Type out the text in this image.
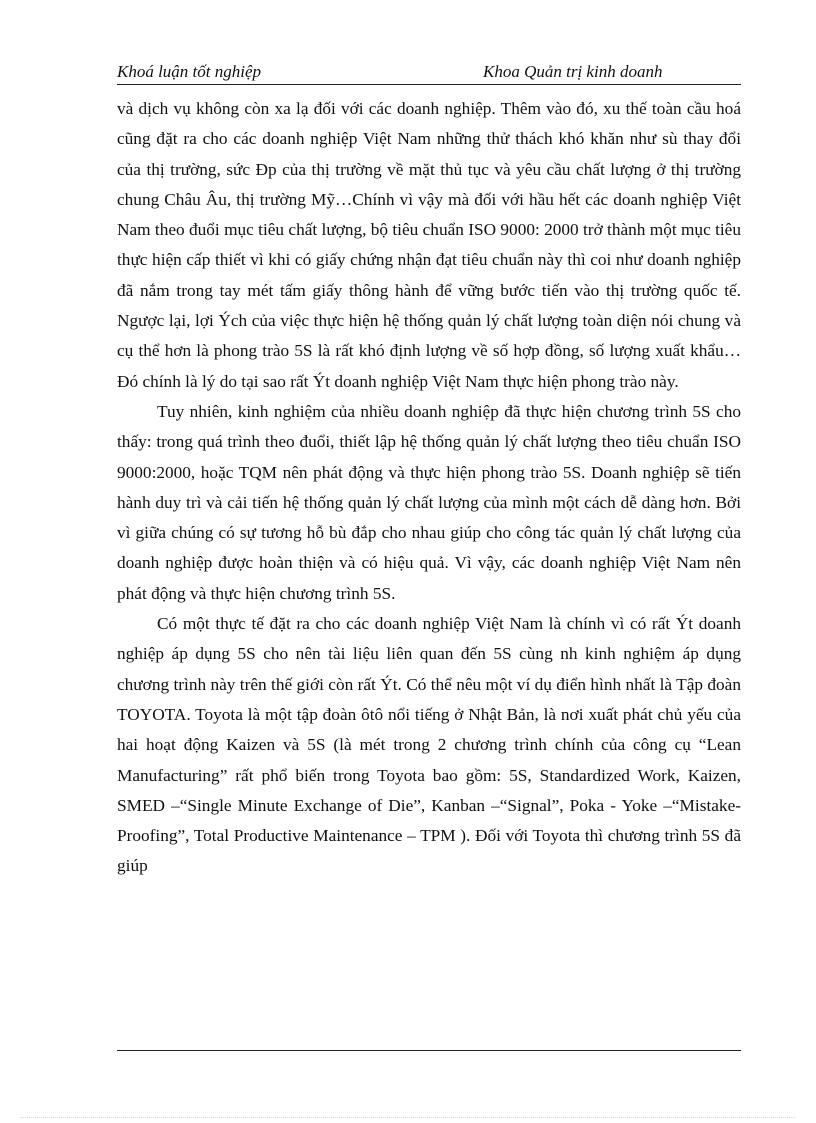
Khoá luận tốt nghiệp	Khoa Quản trị kinh doanh

và dịch vụ không còn xa lạ đối với các doanh nghiệp. Thêm vào đó, xu thế toàn cầu hoá cũng đặt ra cho các doanh nghiệp Việt Nam những thử thách khó khăn như sù thay đổi của thị trường, sức Ðp của thị trường về mặt thủ tục và yêu cầu chất lượng ở thị trường chung Châu Âu, thị trường Mỹ…Chính vì vậy mà đối với hầu hết các doanh nghiệp Việt Nam theo đuổi mục tiêu chất lượng, bộ tiêu chuẩn ISO 9000: 2000 trở thành một mục tiêu thực hiện cấp thiết vì khi có giấy chứng nhận đạt tiêu chuẩn này thì coi như doanh nghiệp đã nắm trong tay mét tấm giấy thông hành để vững bước tiến vào thị trường quốc tế. Ngược lại, lợi Ých của việc thực hiện hệ thống quản lý chất lượng toàn diện nói chung và cụ thể hơn là phong trào 5S là rất khó định lượng về số hợp đồng, số lượng xuất khẩu…Đó chính là lý do tại sao rất Ýt doanh nghiệp Việt Nam thực hiện phong trào này.

Tuy nhiên, kinh nghiệm của nhiều doanh nghiệp đã thực hiện chương trình 5S cho thấy: trong quá trình theo đuổi, thiết lập hệ thống quản lý chất lượng theo tiêu chuẩn ISO 9000:2000, hoặc TQM nên phát động và thực hiện phong trào 5S. Doanh nghiệp sẽ tiến hành duy trì và cải tiến hệ thống quản lý chất lượng của mình một cách dễ dàng hơn. Bởi vì giữa chúng có sự tương hỗ bù đắp cho nhau giúp cho công tác quản lý chất lượng của doanh nghiệp được hoàn thiện và có hiệu quả. Vì vậy, các doanh nghiệp Việt Nam nên phát động và thực hiện chương trình 5S.

Có một thực tế đặt ra cho các doanh nghiệp Việt Nam là chính vì có rất Ýt doanh nghiệp áp dụng 5S cho nên tài liệu liên quan đến 5S cùng nh kinh nghiệm áp dụng chương trình này trên thế giới còn rất Ýt. Có thể nêu một ví dụ điển hình nhất là Tập đoàn TOYOTA. Toyota là một tập đoàn ôtô nổi tiếng ở Nhật Bản, là nơi xuất phát chủ yếu của hai hoạt động Kaizen và 5S (là mét trong 2 chương trình chính của công cụ “Lean Manufacturing” rất phổ biến trong Toyota bao gồm: 5S, Standardized Work, Kaizen, SMED –“Single Minute Exchange of Die”, Kanban –“Signal”, Poka - Yoke –“Mistake-Proofing”, Total Productive Maintenance – TPM ). Đối với Toyota thì chương trình 5S đã giúp
